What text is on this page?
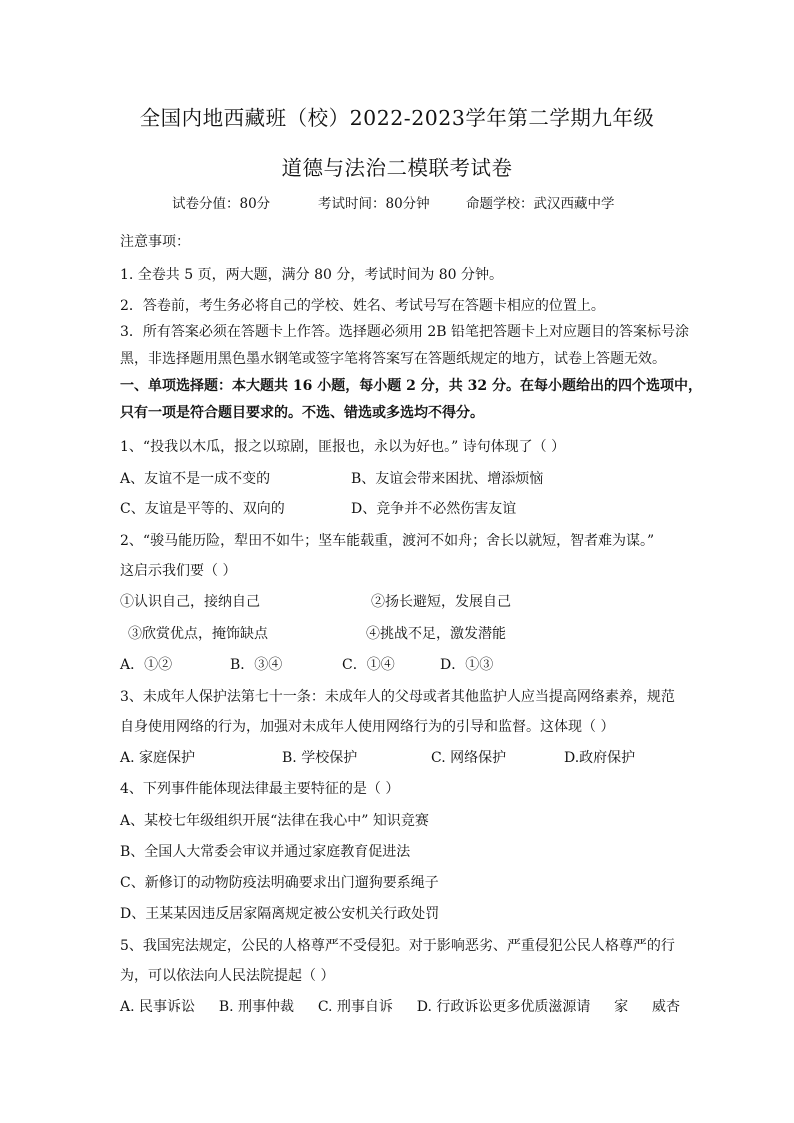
全国内地西藏班（校）2022-2023学年第二学期九年级
道德与法治二模联考试卷
试卷分值：80分	考试时间：80分钟	命题学校：武汉西藏中学
注意事项：
1. 全卷共 5 页，两大题，满分 80 分，考试时间为 80 分钟。
2．答卷前，考生务必将自己的学校、姓名、考试号写在答题卡相应的位置上。
3．所有答案必须在答题卡上作答。选择题必须用 2B 铅笔把答题卡上对应题目的答案标号涂
黑，非选择题用黑色墨水钢笔或签字笔将答案写在答题纸规定的地方，试卷上答题无效。
一、单项选择题：本大题共 16 小题，每小题 2 分，共 32 分。在每小题给出的四个选项中，
只有一项是符合题目要求的。不选、错选或多选均不得分。
1、“投我以木瓜，报之以琼剧，匪报也，永以为好也。” 诗句体现了（ ）
A、友谊不是一成不变的	B、友谊会带来困扰、增添烦恼
C、友谊是平等的、双向的	D、竞争并不必然伤害友谊
2、“骏马能历险，犁田不如牛；坚车能载重，渡河不如舟；舍长以就短，智者难为谋。”
这启示我们要（ ）
①认识自己，接纳自己	②扬长避短，发展自己
③欣赏优点，掩饰缺点	④挑战不足，激发潜能
A．①②	B．③④	C．①④	D．①③
3、未成年人保护法第七十一条：未成年人的父母或者其他监护人应当提高网络素养，规范
自身使用网络的行为，加强对未成年人使用网络行为的引导和监督。这体现（ ）
A. 家庭保护	B. 学校保护	C. 网络保护	D.政府保护
4、下列事件能体现法律最主要特征的是（ ）
A、某校七年级组织开展“法律在我心中” 知识竞赛
B、全国人大常委会审议并通过家庭教育促进法
C、新修订的动物防疫法明确要求出门遛狗要系绳子
D、王某某因违反居家隔离规定被公安机关行政处罚
5、我国宪法规定，公民的人格尊严不受侵犯。对于影响恶劣、严重侵犯公民人格尊严的行
为，可以依法向人民法院提起（ ）
A. 民事诉讼 B. 刑事仲裁 C. 刑事自诉 D. 行政诉讼更多优质滋源请 家 威杏
